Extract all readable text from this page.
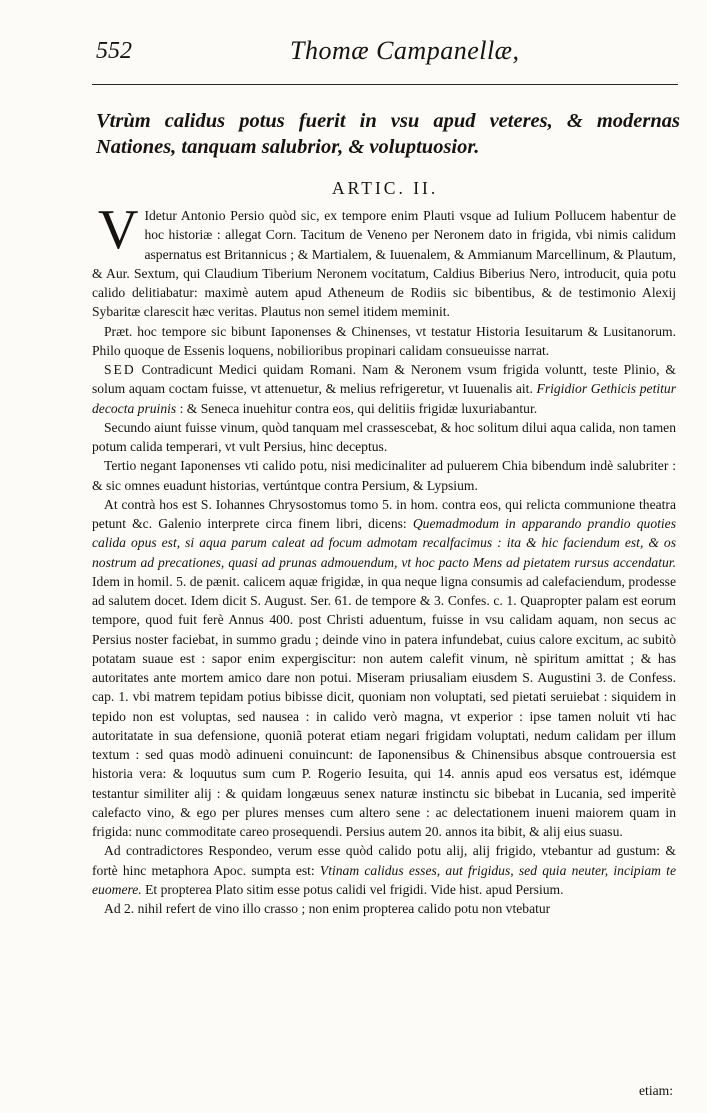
552	Thomæ Campanellæ,
Vtrùm calidus potus fuerit in vsu apud veteres, & modernas Nationes, tanquam salubrior, & voluptuosior.
ARTIC. II.

V Idetur Antonio Persio quòd sic, ex tempore enim Plauti vsque ad Iulium Pollucem habentur de hoc historiæ : allegat Corn. Tacitum de Veneno per Neronem dato in frigida, vbi nimis calidum aspernatus est Britannicus ; & Martialem, & Iuuenalem, & Ammianum Marcellinum, & Plautum, & Aur. Sextum, qui Claudium Tiberium Neronem vocitatum, Caldius Biberius Nero, introducit, quia potu calido delitiabatur: maximè autem apud Atheneum de Rodiis sic bibentibus, & de testimonio Alexij Sybaritæ clarescit hæc veritas. Plautus non semel itidem meminit.

Præt. hoc tempore sic bibunt Iaponenses & Chinenses, vt testatur Historia Iesuitarum & Lusitanorum. Philo quoque de Essenis loquens, nobilioribus propinari calidam consueuisse narrat.

SED Contradicunt Medici quidam Romani. Nam & Neronem vsum frigida voluntt, teste Plinio, & solum aquam coctam fuisse, vt attenuetur, & melius refrigeretur, vt Iuuenalis ait. Frigidior Gethicis petitur decocta pruinis : & Seneca inuehitur contra eos, qui delitiis frigidæ luxuriabantur.

Secundo aiunt fuisse vinum, quòd tanquam mel crassescebat, & hoc solitum dilui aqua calida, non tamen potum calida temperari, vt vult Persius, hinc deceptus.

Tertio negant Iaponenses vti calido potu, nisi medicinaliter ad puluerem Chia bibendum indè salubriter : & sic omnes euadunt historias, vertúntque contra Persium, & Lypsium.

At contrà hos est S. Iohannes Chrysostomus tomo 5. in hom. contra eos, qui relicta communione theatra petunt &c. Galenio interprete circa finem libri, dicens: Quemadmodum in apparando prandio quoties calida opus est, si aqua parum caleat ad focum admotam recalfacimus : ita & hic faciendum est, & os nostrum ad precationes, quasi ad prunas admouendum, vt hoc pacto Mens ad pietatem rursus accendatur. Idem in homil. 5. de pænit. calicem aquæ frigidæ, in qua neque ligna consumis ad calefaciendum, prodesse ad salutem docet. Idem dicit S. August. Ser. 61. de tempore & 3. Confes. c. 1. Quapropter palam est eorum tempore, quod fuit ferè Annus 400. post Christi aduentum, fuisse in vsu calidam aquam, non secus ac Persius noster faciebat, in summo gradu ; deinde vino in patera infundebat, cuius calore excitum, ac subitò potatam suaue est : sapor enim expergiscitur: non autem calefit vinum, nè spiritum amittat ; & has autoritates ante mortem amico dare non potui. Miseram priusaliam eiusdem S. Augustini 3. de Confess. cap. 1. vbi matrem tepidam potius bibisse dicit, quoniam non voluptati, sed pietati seruiebat : siquidem in tepido non est voluptas, sed nausea : in calido verò magna, vt experior : ipse tamen noluit vti hac autoritatate in sua defensione, quoniã poterat etiam negari frigidam voluptati, nedum calidam per illum textum : sed quas modò adinueni conuincunt: de Iaponensibus & Chinensibus absque controuersia est historia vera: & loquutus sum cum P. Rogerio Iesuita, qui 14. annis apud eos versatus est, idémque testantur similiter alij : & quidam longæuus senex naturæ instinctu sic bibebat in Lucania, sed imperitè calefacto vino, & ego per plures menses cum altero sene : ac delectationem inueni maiorem quam in frigida: nunc commoditate careo prosequendi. Persius autem 20. annos ita bibit, & alij eius suasu.

Ad contradictores Respondeo, verum esse quòd calido potu alij, alij frigido, vtebantur ad gustum: & fortè hinc metaphora Apoc. sumpta est: Vtinam calidus esses, aut frigidus, sed quia neuter, incipiam te euomere. Et propterea Plato sitim esse potus calidi vel frigidi. Vide hist. apud Persium.

Ad 2. nihil refert de vino illo crasso ; non enim propterea calido potu non vtebatur

etiam:
